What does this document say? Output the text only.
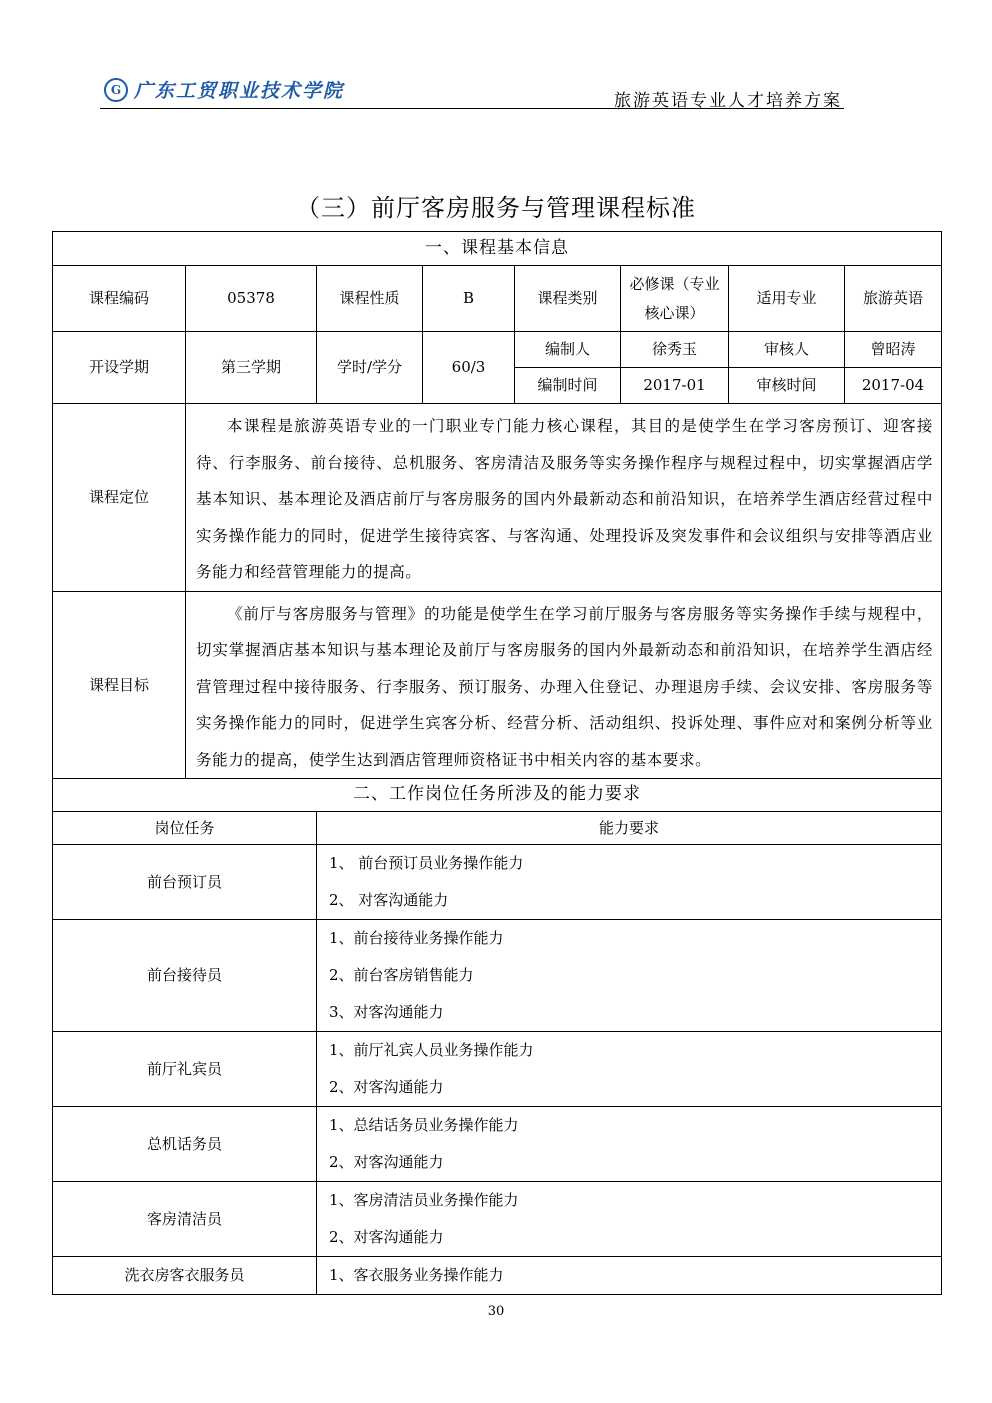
G 广东工贸职业技术学院	旅游英语专业人才培养方案
（三）前厅客房服务与管理课程标准
一、课程基本信息							
课程编码	05378	课程性质	B	课程类别	必修课（专业核心课）	适用专业	旅游英语
开设学期	第三学期	学时/学分	60/3	编制人	徐秀玉	审核人	曾昭涛
				编制时间	2017-01	审核时间	2017-04
课程定位	本课程是旅游英语专业的一门职业专门能力核心课程，其目的是使学生在学习客房预订、迎客接待、行李服务、前台接待、总机服务、客房清洁及服务等实务操作程序与规程过程中，切实掌握酒店学基本知识、基本理论及酒店前厅与客房服务的国内外最新动态和前沿知识，在培养学生酒店经营过程中实务操作能力的同时，促进学生接待宾客、与客沟通、处理投诉及突发事件和会议组织与安排等酒店业务能力和经营管理能力的提高。						

课程目标	《前厅与客房服务与管理》的功能是使学生在学习前厅服务与客房服务等实务操作手续与规程中，切实掌握酒店基本知识与基本理论及前厅与客房服务的国内外最新动态和前沿知识，在培养学生酒店经营管理过程中接待服务、行李服务、预订服务、办理入住登记、办理退房手续、会议安排、客房服务等实务操作能力的同时，促进学生宾客分析、经营分析、活动组织、投诉处理、事件应对和案例分析等业务能力的提高，使学生达到酒店管理师资格证书中相关内容的基本要求。						

二、工作岗位任务所涉及的能力要求							
岗位任务		能力要求					
前台预订员		1、 前台预订员业务操作能力
2、 对客沟通能力					

前台接待员		1、前台接待业务操作能力
2、前台客房销售能力
3、对客沟通能力					

前厅礼宾员		1、前厅礼宾人员业务操作能力
2、对客沟通能力					

总机话务员		1、总结话务员业务操作能力
2、对客沟通能力					

客房清洁员		1、客房清洁员业务操作能力
2、对客沟通能力					

洗衣房客衣服务员		1、客衣服务业务操作能力					
30
